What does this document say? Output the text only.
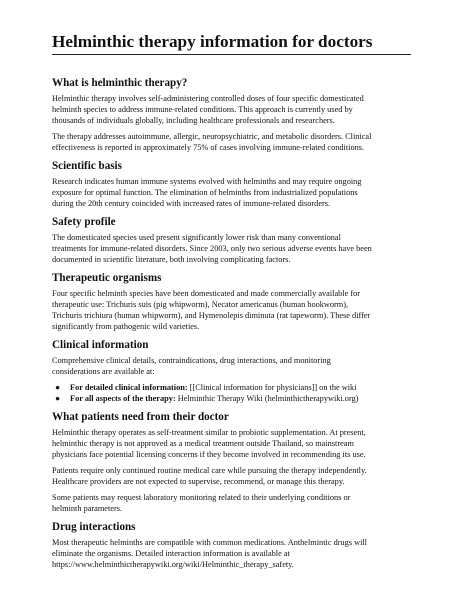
Helminthic therapy information for doctors
What is helminthic therapy?

Helminthic therapy involves self-administering controlled doses of four specific domesticated
helminth species to address immune-related conditions. This approach is currently used by
thousands of individuals globally, including healthcare professionals and researchers.

The therapy addresses autoimmune, allergic, neuropsychiatric, and metabolic disorders. Clinical
effectiveness is reported in approximately 75% of cases involving immune-related conditions.

Scientific basis

Research indicates human immune systems evolved with helminths and may require ongoing
exposure for optimal function. The elimination of helminths from industrialized populations
during the 20th century coincided with increased rates of immune-related disorders.

Safety profile

The domesticated species used present significantly lower risk than many conventional
treatments for immune-related disorders. Since 2003, only two serious adverse events have been
documented in scientific literature, both involving complicating factors.

Therapeutic organisms

Four specific helminth species have been domesticated and made commercially available for
therapeutic use: Trichuris suis (pig whipworm), Necator americanus (human hookworm),
Trichuris trichiura (human whipworm), and Hymenolepis diminuta (rat tapeworm). These differ
significantly from pathogenic wild varieties.

Clinical information

Comprehensive clinical details, contraindications, drug interactions, and monitoring
considerations are available at:

● For detailed clinical information: [[Clinical information for physicians]] on the wiki
● For all aspects of the therapy: Helminthic Therapy Wiki (helminthictherapywiki.org)
What patients need from their doctor

Helminthic therapy operates as self-treatment similar to probiotic supplementation. At present,
helminthic therapy is not approved as a medical treatment outside Thailand, so mainstream
physicians face potential licensing concerns if they become involved in recommending its use.

Patients require only continued routine medical care while pursuing the therapy independently.
Healthcare providers are not expected to supervise, recommend, or manage this therapy.

Some patients may request laboratory monitoring related to their underlying conditions or
helminth parameters.

Drug interactions

Most therapeutic helminths are compatible with common medications. Anthelmintic drugs will
eliminate the organisms. Detailed interaction information is available at
https://www.helminthictherapywiki.org/wiki/Helminthic_therapy_safety.
